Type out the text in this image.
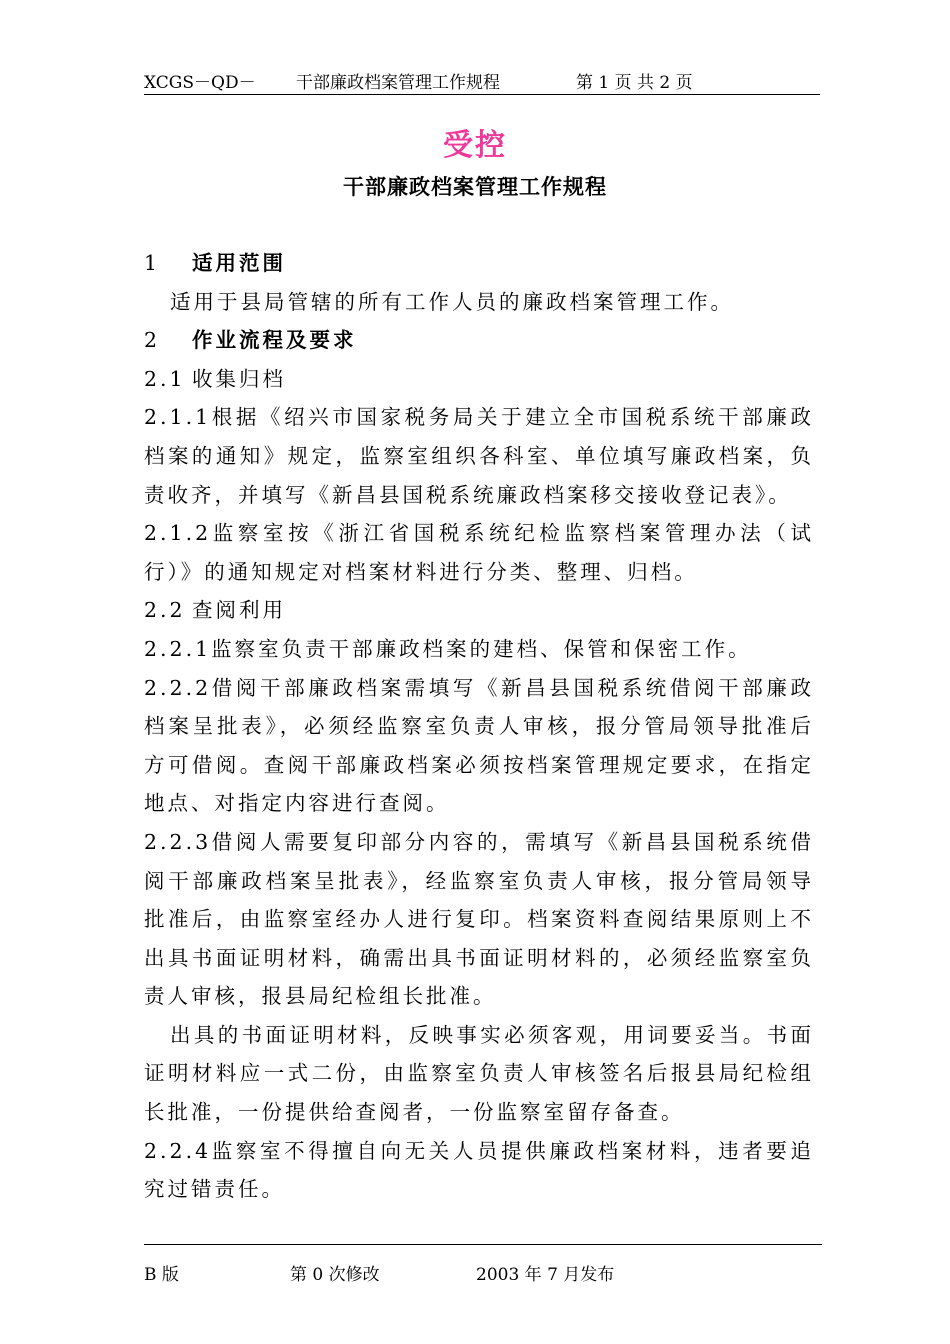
XCGS－QD－ 干部廉政档案管理工作规程	第 1 页 共 2 页
受控
干部廉政档案管理工作规程

1 适用范围

适用于县局管辖的所有工作人员的廉政档案管理工作。

2 作业流程及要求

2.1 收集归档

2.1.1根据《绍兴市国家税务局关于建立全市国税系统干部廉政档案的通知》规定，监察室组织各科室、单位填写廉政档案，负责收齐，并填写《新昌县国税系统廉政档案移交接收登记表》。

2.1.2监察室按《浙江省国税系统纪检监察档案管理办法（试行）》的通知规定对档案材料进行分类、整理、归档。

2.2 查阅利用

2.2.1监察室负责干部廉政档案的建档、保管和保密工作。

2.2.2借阅干部廉政档案需填写《新昌县国税系统借阅干部廉政档案呈批表》，必须经监察室负责人审核，报分管局领导批准后方可借阅。查阅干部廉政档案必须按档案管理规定要求，在指定地点、对指定内容进行查阅。

2.2.3借阅人需要复印部分内容的，需填写《新昌县国税系统借阅干部廉政档案呈批表》，经监察室负责人审核，报分管局领导批准后，由监察室经办人进行复印。档案资料查阅结果原则上不出具书面证明材料，确需出具书面证明材料的，必须经监察室负责人审核，报县局纪检组长批准。

出具的书面证明材料，反映事实必须客观，用词要妥当。书面证明材料应一式二份，由监察室负责人审核签名后报县局纪检组长批准，一份提供给查阅者，一份监察室留存备查。

2.2.4监察室不得擅自向无关人员提供廉政档案材料，违者要追究过错责任。

B 版	第 0 次修改	2003 年 7 月发布
